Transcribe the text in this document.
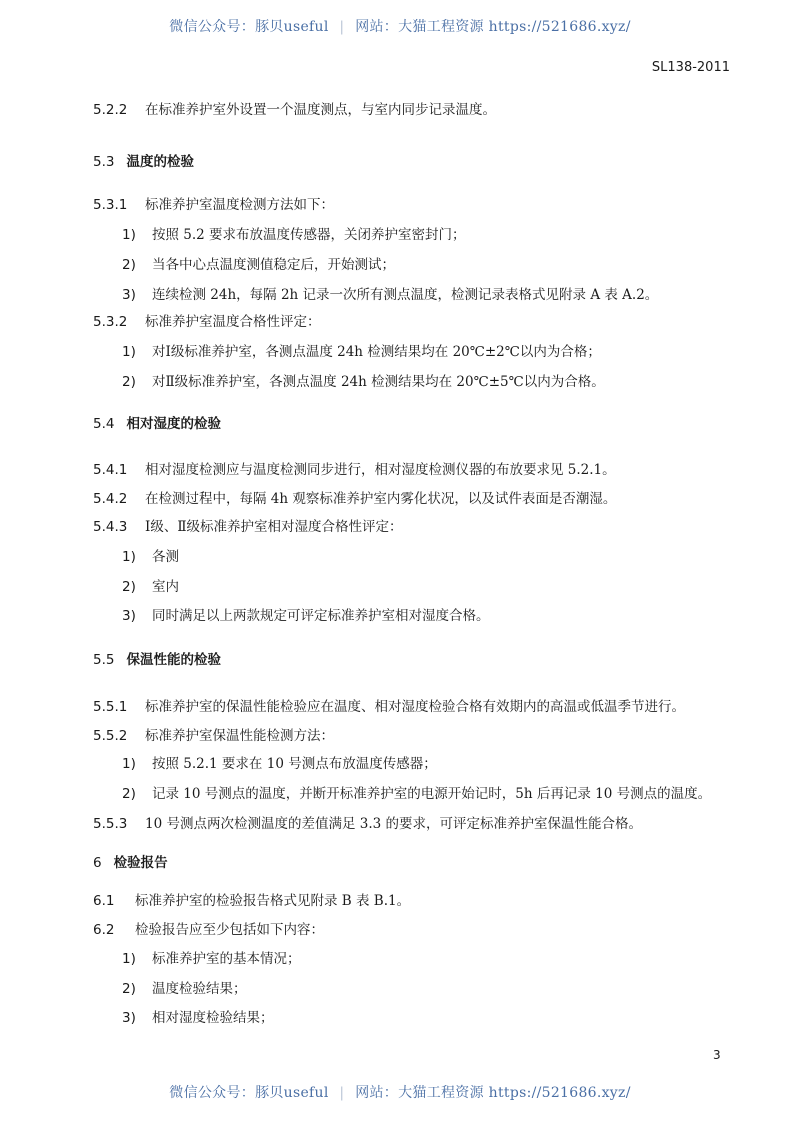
微信公众号：豚贝useful | 网站：大猫工程资源 https://521686.xyz/
SL138-2011
5.2.2 在标准养护室外设置一个温度测点，与室内同步记录温度。
5.3 温度的检验
5.3.1 标准养护室温度检测方法如下：
1) 按照 5.2 要求布放温度传感器，关闭养护室密封门；
2) 当各中心点温度测值稳定后，开始测试；
3) 连续检测 24h，每隔 2h 记录一次所有测点温度，检测记录表格式见附录 A 表 A.2。
5.3.2 标准养护室温度合格性评定：
1) 对Ⅰ级标准养护室，各测点温度 24h 检测结果均在 20℃±2℃以内为合格；
2) 对Ⅱ级标准养护室，各测点温度 24h 检测结果均在 20℃±5℃以内为合格。
5.4 相对湿度的检验
5.4.1 相对湿度检测应与温度检测同步进行，相对湿度检测仪器的布放要求见 5.2.1。
5.4.2 在检测过程中，每隔 4h 观察标准养护室内雾化状况，以及试件表面是否潮湿。
5.4.3 Ⅰ级、Ⅱ级标准养护室相对湿度合格性评定：
1) 各测
2) 室内
3) 同时满足以上两款规定可评定标准养护室相对湿度合格。
5.5 保温性能的检验
5.5.1 标准养护室的保温性能检验应在温度、相对湿度检验合格有效期内的高温或低温季节进行。
5.5.2 标准养护室保温性能检测方法：
1) 按照 5.2.1 要求在 10 号测点布放温度传感器；
2) 记录 10 号测点的温度，并断开标准养护室的电源开始记时，5h 后再记录 10 号测点的温度。
5.5.3 10 号测点两次检测温度的差值满足 3.3 的要求，可评定标准养护室保温性能合格。
6 检验报告
6.1 标准养护室的检验报告格式见附录 B 表 B.1。
6.2 检验报告应至少包括如下内容：
1) 标准养护室的基本情况；
2) 温度检验结果；
3) 相对湿度检验结果；
3
微信公众号：豚贝useful | 网站：大猫工程资源 https://521686.xyz/
